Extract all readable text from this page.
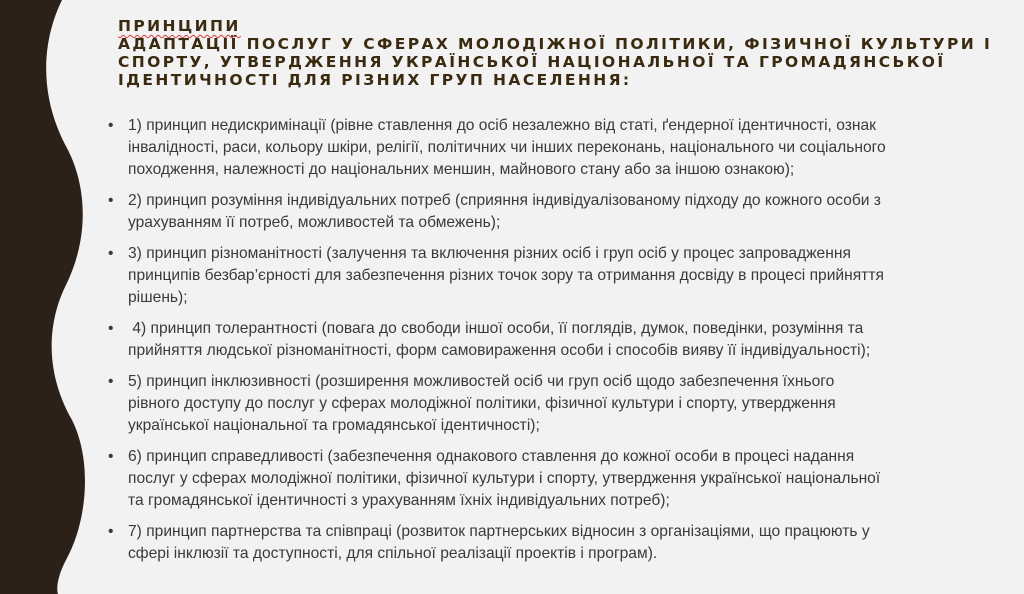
ПРИНЦИПИ
АДАПТАЦІЇ ПОСЛУГ У СФЕРАХ МОЛОДІЖНОЇ ПОЛІТИКИ, ФІЗИЧНОЇ КУЛЬТУРИ І
СПОРТУ, УТВЕРДЖЕННЯ УКРАЇНСЬКОЇ НАЦІОНАЛЬНОЇ ТА ГРОМАДЯНСЬКОЇ
ІДЕНТИЧНОСТІ ДЛЯ РІЗНИХ ГРУП НАСЕЛЕННЯ:
• 1) принцип недискримінації (рівне ставлення до осіб незалежно від статі, ґендерної ідентичності, ознак
інвалідності, раси, кольору шкіри, релігії, політичних чи інших переконань, національного чи соціального
походження, належності до національних меншин, майнового стану або за іншою ознакою);
• 2) принцип розуміння індивідуальних потреб (сприяння індивідуалізованому підходу до кожного особи з
урахуванням її потреб, можливостей та обмежень);
• 3) принцип різноманітності (залучення та включення різних осіб і груп осіб у процес запровадження
принципів безбар’єрності для забезпечення різних точок зору та отримання досвіду в процесі прийняття
рішень);
• 4) принцип толерантності (повага до свободи іншої особи, її поглядів, думок, поведінки, розуміння та
прийняття людської різноманітності, форм самовираження особи і способів вияву її індивідуальності);
• 5) принцип інклюзивності (розширення можливостей осіб чи груп осіб щодо забезпечення їхнього
рівного доступу до послуг у сферах молодіжної політики, фізичної культури і спорту, утвердження
української національної та громадянської ідентичності);
• 6) принцип справедливості (забезпечення однакового ставлення до кожної особи в процесі надання
послуг у сферах молодіжної політики, фізичної культури і спорту, утвердження української національної
та громадянської ідентичності з урахуванням їхніх індивідуальних потреб);
• 7) принцип партнерства та співпраці (розвиток партнерських відносин з організаціями, що працюють у
сфері інклюзії та доступності, для спільної реалізації проектів і програм).
